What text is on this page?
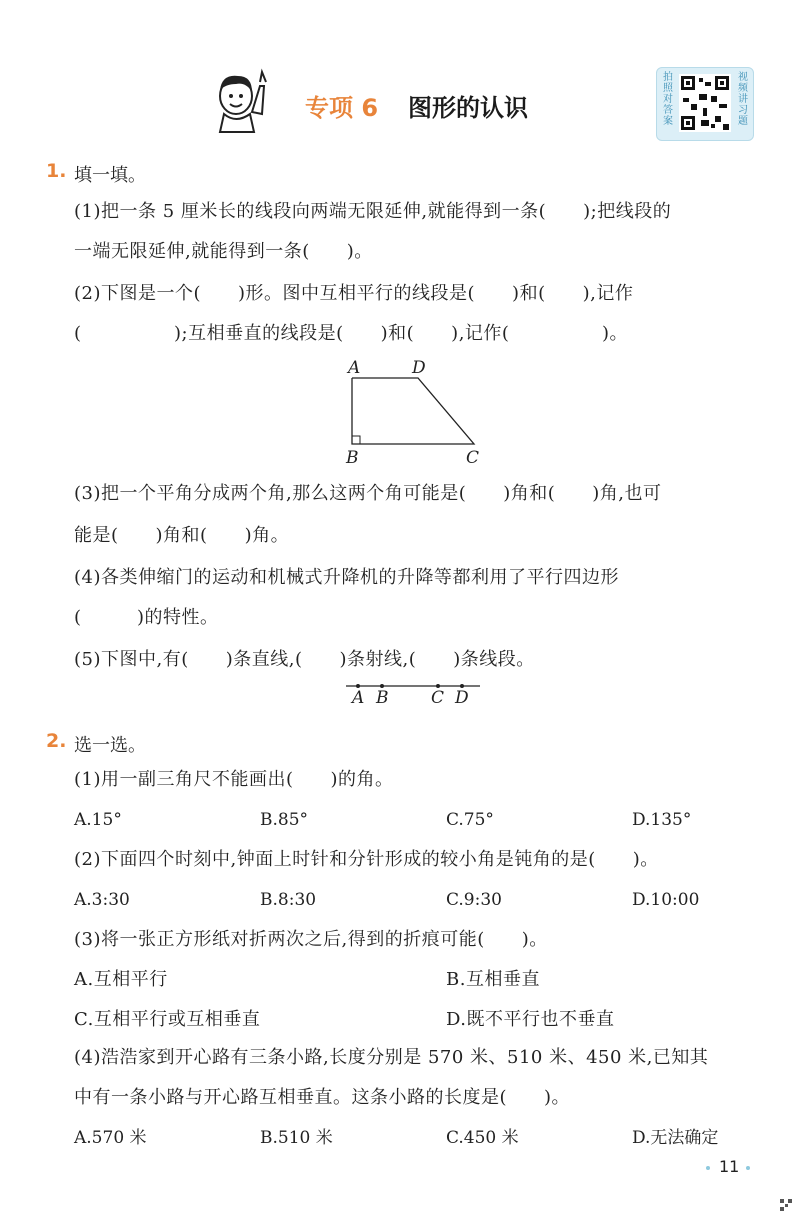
专项 6 图形的认识
拍照对答案
视频讲习题
1. 填一填。
(1)把一条 5 厘米长的线段向两端无限延伸,就能得到一条(　　);把线段的
一端无限延伸,就能得到一条(　　)。
(2)下图是一个(　　)形。图中互相平行的线段是(　　)和(　　),记作
(　　　　　);互相垂直的线段是(　　)和(　　),记作(　　　　　)。
A	D
B	C
(3)把一个平角分成两个角,那么这两个角可能是(　　)角和(　　)角,也可
能是(　　)角和(　　)角。
(4)各类伸缩门的运动和机械式升降机的升降等都利用了平行四边形
(　　　)的特性。
(5)下图中,有(　　)条直线,(　　)条射线,(　　)条线段。
A B	C D
2. 选一选。
(1)用一副三角尺不能画出(　　)的角。
A.15°	B.85°	C.75°	D.135°
(2)下面四个时刻中,钟面上时针和分针形成的较小角是钝角的是(　　)。
A.3:30	B.8:30	C.9:30	D.10:00
(3)将一张正方形纸对折两次之后,得到的折痕可能(　　)。
A.互相平行	B.互相垂直
C.互相平行或互相垂直	D.既不平行也不垂直
(4)浩浩家到开心路有三条小路,长度分别是 570 米、510 米、450 米,已知其
中有一条小路与开心路互相垂直。这条小路的长度是(　　)。
A.570 米	B.510 米	C.450 米	D.无法确定
11
